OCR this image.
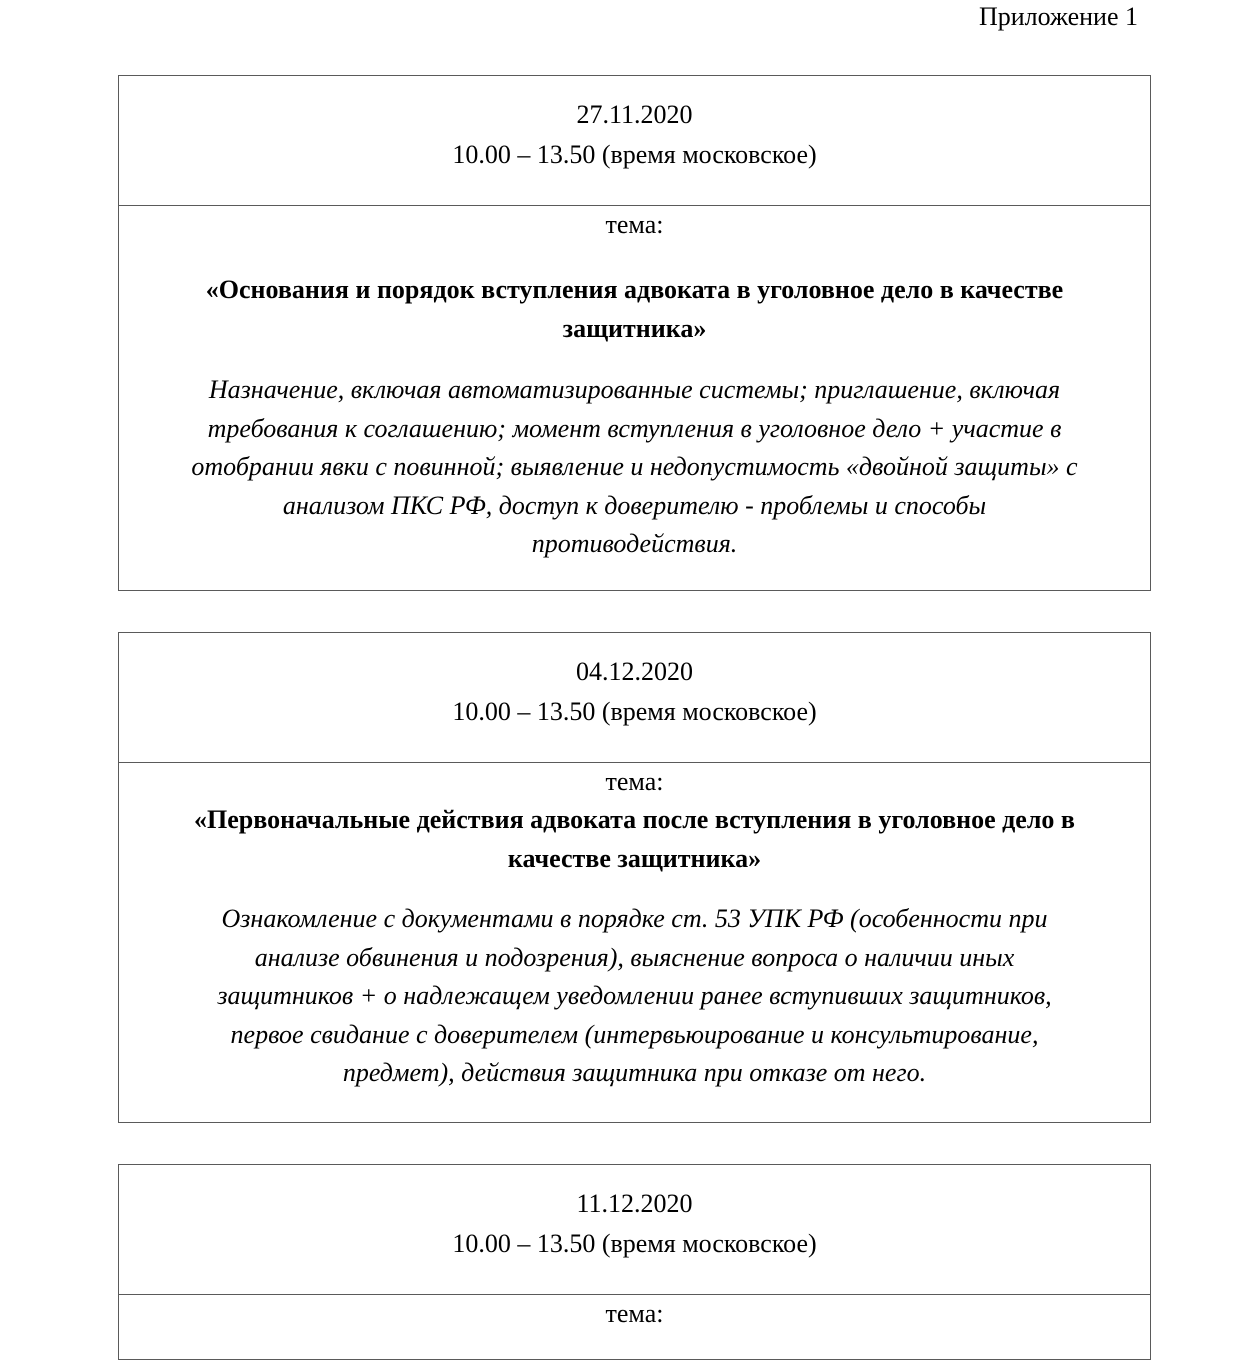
Приложение 1
27.11.2020
10.00 – 13.50 (время московское)
тема:
«Основания и порядок вступления адвоката в уголовное дело в качестве
защитника»
Назначение, включая автоматизированные системы; приглашение, включая
требования к соглашению; момент вступления в уголовное дело + участие в
отобрании явки с повинной; выявление и недопустимость «двойной защиты» с
анализом ПКС РФ, доступ к доверителю - проблемы и способы
противодействия.
04.12.2020
10.00 – 13.50 (время московское)
тема:
«Первоначальные действия адвоката после вступления в уголовное дело в
качестве защитника»
Ознакомление с документами в порядке ст. 53 УПК РФ (особенности при
анализе обвинения и подозрения), выяснение вопроса о наличии иных
защитников + о надлежащем уведомлении ранее вступивших защитников,
первое свидание с доверителем (интервьюирование и консультирование,
предмет), действия защитника при отказе от него.
11.12.2020
10.00 – 13.50 (время московское)
тема:
